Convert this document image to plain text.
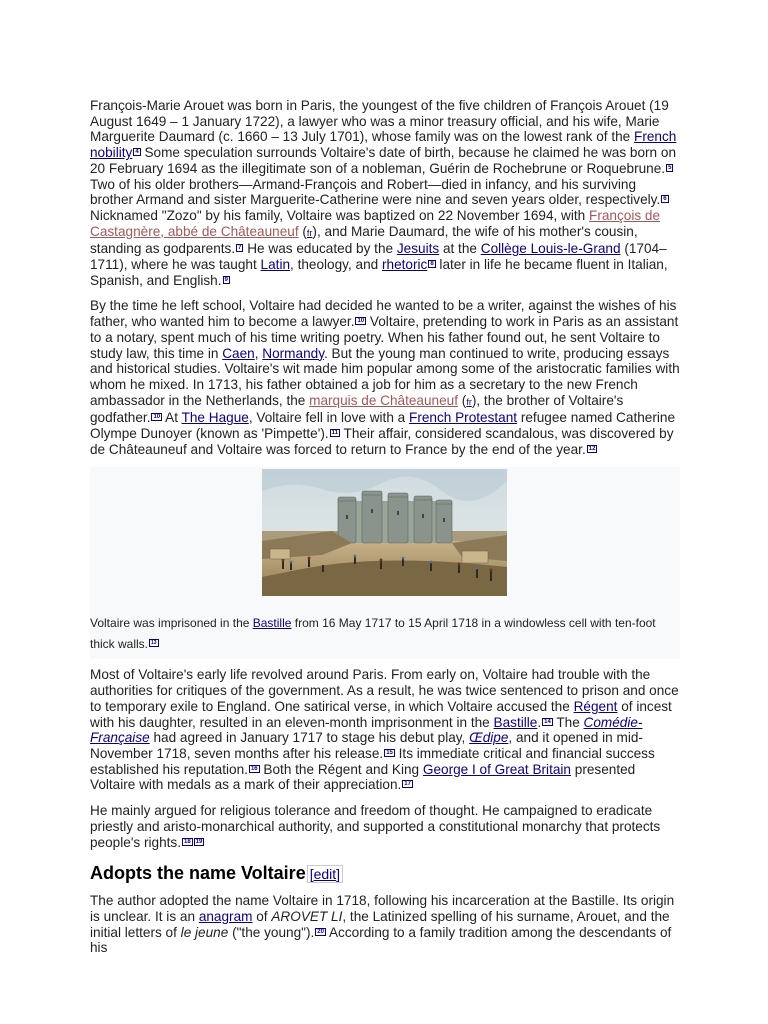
François-Marie Arouet was born in Paris, the youngest of the five children of François Arouet (19 August 1649 – 1 January 1722), a lawyer who was a minor treasury official, and his wife, Marie Marguerite Daumard (c. 1660 – 13 July 1701), whose family was on the lowest rank of the French nobility $^4$ Some speculation surrounds Voltaire's date of birth, because he claimed he was born on 20 February 1694 as the illegitimate son of a nobleman, Guérin de Rochebrune or Roquebrune. $^5$ Two of his older brothers—Armand-François and Robert—died in infancy, and his surviving brother Armand and sister Marguerite-Catherine were nine and seven years older, respectively. $^6$ Nicknamed "Zozo" by his family, Voltaire was baptized on 22 November 1694, with François de Castagnère, abbé de Châteauneuf (fr), and Marie Daumard, the wife of his mother's cousin, standing as godparents. $^7$ He was educated by the Jesuits at the Collège Louis-le-Grand (1704–1711), where he was taught Latin, theology, and rhetoric $^8$ later in life he became fluent in Italian, Spanish, and English. $^9$

By the time he left school, Voltaire had decided he wanted to be a writer, against the wishes of his father, who wanted him to become a lawyer. $^{10}$ Voltaire, pretending to work in Paris as an assistant to a notary, spent much of his time writing poetry. When his father found out, he sent Voltaire to study law, this time in Caen, Normandy. But the young man continued to write, producing essays and historical studies. Voltaire's wit made him popular among some of the aristocratic families with whom he mixed. In 1713, his father obtained a job for him as a secretary to the new French ambassador in the Netherlands, the marquis de Châteauneuf (fr), the brother of Voltaire's godfather. $^{10}$ At The Hague, Voltaire fell in love with a French Protestant refugee named Catherine Olympe Dunoyer (known as 'Pimpette'). $^{11}$ Their affair, considered scandalous, was discovered by de Châteauneuf and Voltaire was forced to return to France by the end of the year. $^{12}$

Voltaire was imprisoned in the Bastille from 16 May 1717 to 15 April 1718 in a windowless cell with ten-foot thick walls. $^{13}$

Most of Voltaire's early life revolved around Paris. From early on, Voltaire had trouble with the authorities for critiques of the government. As a result, he was twice sentenced to prison and once to temporary exile to England. One satirical verse, in which Voltaire accused the Régent of incest with his daughter, resulted in an eleven-month imprisonment in the Bastille. $^{14}$ The Comédie-Française had agreed in January 1717 to stage his debut play, Œdipe, and it opened in mid-November 1718, seven months after his release. $^{15}$ Its immediate critical and financial success established his reputation. $^{16}$ Both the Régent and King George I of Great Britain presented Voltaire with medals as a mark of their appreciation. $^{17}$

He mainly argued for religious tolerance and freedom of thought. He campaigned to eradicate priestly and aristo-monarchical authority, and supported a constitutional monarchy that protects people's rights. $^{18}$ $^{19}$

Adopts the name Voltaire [edit]

The author adopted the name Voltaire in 1718, following his incarceration at the Bastille. Its origin is unclear. It is an anagram of AROVET LI, the Latinized spelling of his surname, Arouet, and the initial letters of le jeune ("the young"). $^{20}$ According to a family tradition among the descendants of his
